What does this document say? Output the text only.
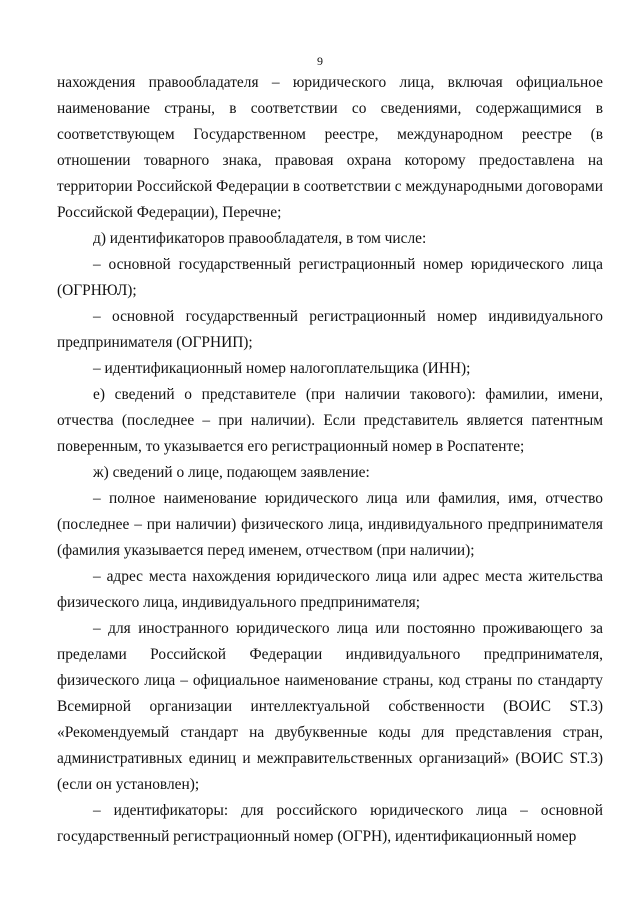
9

нахождения правообладателя – юридического лица, включая официальное наименование страны, в соответствии со сведениями, содержащимися в соответствующем Государственном реестре, международном реестре (в отношении товарного знака, правовая охрана которому предоставлена на территории Российской Федерации в соответствии с международными договорами Российской Федерации), Перечне;

д) идентификаторов правообладателя, в том числе:

– основной государственный регистрационный номер юридического лица (ОГРНЮЛ);

– основной государственный регистрационный номер индивидуального предпринимателя (ОГРНИП);

– идентификационный номер налогоплательщика (ИНН);

е) сведений о представителе (при наличии такового): фамилии, имени, отчества (последнее – при наличии). Если представитель является патентным поверенным, то указывается его регистрационный номер в Роспатенте;

ж) сведений о лице, подающем заявление:

– полное наименование юридического лица или фамилия, имя, отчество (последнее – при наличии) физического лица, индивидуального предпринимателя (фамилия указывается перед именем, отчеством (при наличии);

– адрес места нахождения юридического лица или адрес места жительства физического лица, индивидуального предпринимателя;

– для иностранного юридического лица или постоянно проживающего за пределами Российской Федерации индивидуального предпринимателя, физического лица – официальное наименование страны, код страны по стандарту Всемирной организации интеллектуальной собственности (ВОИС ST.3) «Рекомендуемый стандарт на двубуквенные коды для представления стран, административных единиц и межправительственных организаций» (ВОИС ST.3) (если он установлен);

– идентификаторы: для российского юридического лица – основной государственный регистрационный номер (ОГРН), идентификационный номер
